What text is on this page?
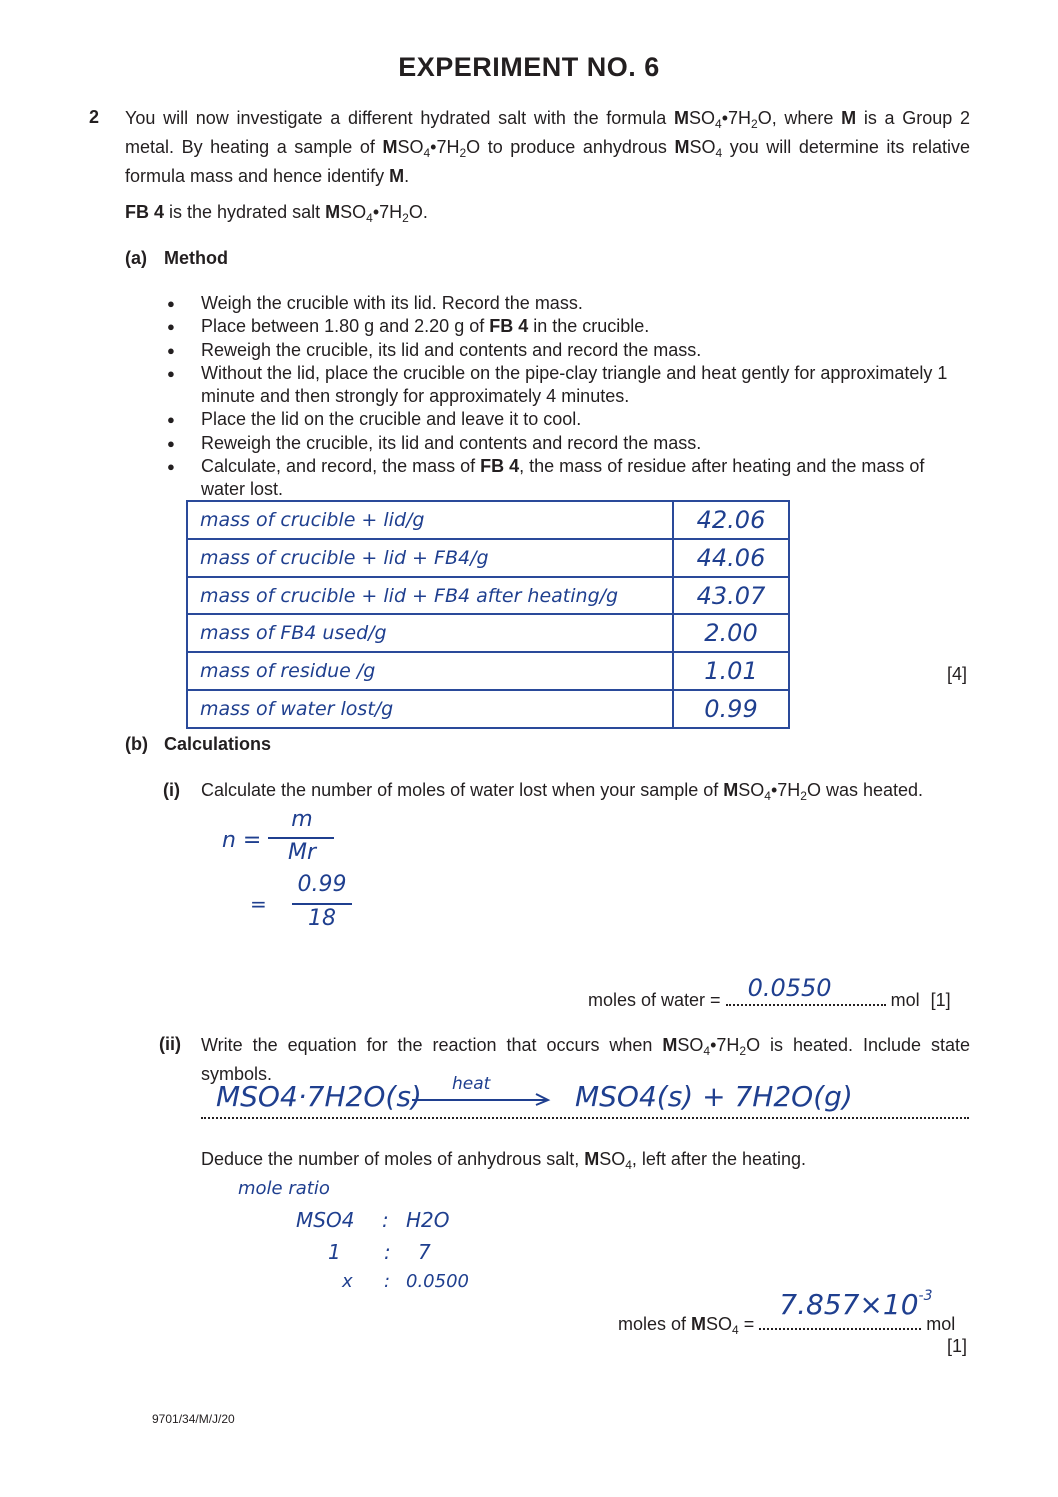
EXPERIMENT NO. 6
2 You will now investigate a different hydrated salt with the formula $MSO_4•7H_2O$, where M is a Group 2 metal. By heating a sample of $MSO_4•7H_2O$ to produce anhydrous $MSO_4$ you will determine its relative formula mass and hence identify M.
FB 4 is the hydrated salt $MSO_4•7H_2O$.
(a) Method
● Weigh the crucible with its lid. Record the mass.
● Place between 1.80 g and 2.20 g of FB 4 in the crucible.
● Reweigh the crucible, its lid and contents and record the mass.
● Without the lid, place the crucible on the pipe-clay triangle and heat gently for approximately 1 minute and then strongly for approximately 4 minutes.
● Place the lid on the crucible and leave it to cool.
● Reweigh the crucible, its lid and contents and record the mass.
● Calculate, and record, the mass of FB 4, the mass of residue after heating and the mass of water lost.
mass of crucible + lid/g	42.06
mass of crucible + lid + FB4/g	44.06
mass of crucible + lid + FB4 after heating/g	43.07
mass of FB4 used/g	2.00
mass of residue /g	1.01
mass of water lost/g	0.99
[4]
(b) Calculations
(i) Calculate the number of moles of water lost when your sample of $MSO_4•7H_2O$ was heated.
n =
m
Mr
=
0.99
18
moles of water = 0.0550	mol [1]
(ii) Write the equation for the reaction that occurs when $MSO_4•7H_2O$ is heated. Include state symbols.
MSO4·7H2O(s) heat	MSO4(s) + 7H2O(g)
Deduce the number of moles of anhydrous salt, $MSO_4$, left after the heating.
mole ratio
MSO4 : H2O
1 : 7
x : 0.0500
moles of $MSO_4$ =
$7.857\times 10^{-3}$
mol
[1]
9701/34/M/J/20
